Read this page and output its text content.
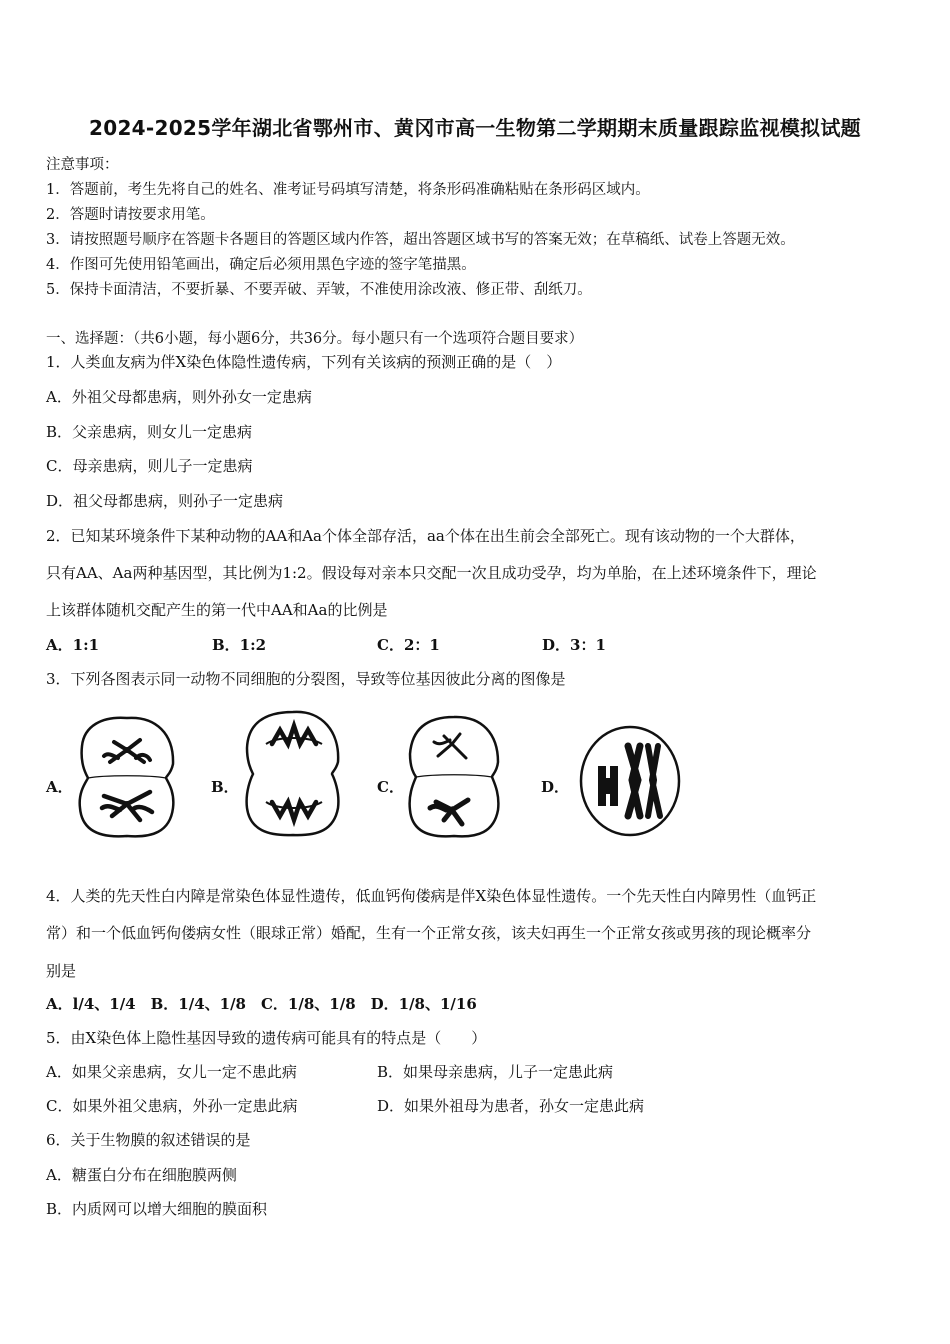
2024-2025学年湖北省鄂州市、黄冈市高一生物第二学期期末质量跟踪监视模拟试题
注意事项：
1．答题前，考生先将自己的姓名、准考证号码填写清楚，将条形码准确粘贴在条形码区域内。
2．答题时请按要求用笔。
3．请按照题号顺序在答题卡各题目的答题区域内作答，超出答题区域书写的答案无效；在草稿纸、试卷上答题无效。
4．作图可先使用铅笔画出，确定后必须用黑色字迹的签字笔描黑。
5．保持卡面清洁，不要折暴、不要弄破、弄皱，不准使用涂改液、修正带、刮纸刀。
一、选择题：（共6小题，每小题6分，共36分。每小题只有一个选项符合题目要求）
1．人类血友病为伴X染色体隐性遗传病，下列有关该病的预测正确的是（　）
A．外祖父母都患病，则外孙女一定患病
B．父亲患病，则女儿一定患病
C．母亲患病，则儿子一定患病
D．祖父母都患病，则孙子一定患病
2．已知某环境条件下某种动物的AA和Aa个体全部存活，aa个体在出生前会全部死亡。现有该动物的一个大群体，
只有AA、Aa两种基因型，其比例为1:2。假设每对亲本只交配一次且成功受孕，均为单胎，在上述环境条件下，理论
上该群体随机交配产生的第一代中AA和Aa的比例是
A．1:1	B．1:2	C．2：1	D．3：1
3．下列各图表示同一动物不同细胞的分裂图，导致等位基因彼此分离的图像是
A．	B．	C．	D．
4．人类的先天性白内障是常染色体显性遗传，低血钙佝偻病是伴X染色体显性遗传。一个先天性白内障男性（血钙正
常）和一个低血钙佝偻病女性（眼球正常）婚配，生有一个正常女孩，该夫妇再生一个正常女孩或男孩的现论概率分
别是
A．l/4、1/4　B．1/4、1/8　C．1/8、1/8　D．1/8、1/16
5．由X染色体上隐性基因导致的遗传病可能具有的特点是（　　）
A．如果父亲患病，女儿一定不患此病	B．如果母亲患病，儿子一定患此病
C．如果外祖父患病，外孙一定患此病	D．如果外祖母为患者，孙女一定患此病
6．关于生物膜的叙述错误的是
A．糖蛋白分布在细胞膜两侧
B．内质网可以增大细胞的膜面积
